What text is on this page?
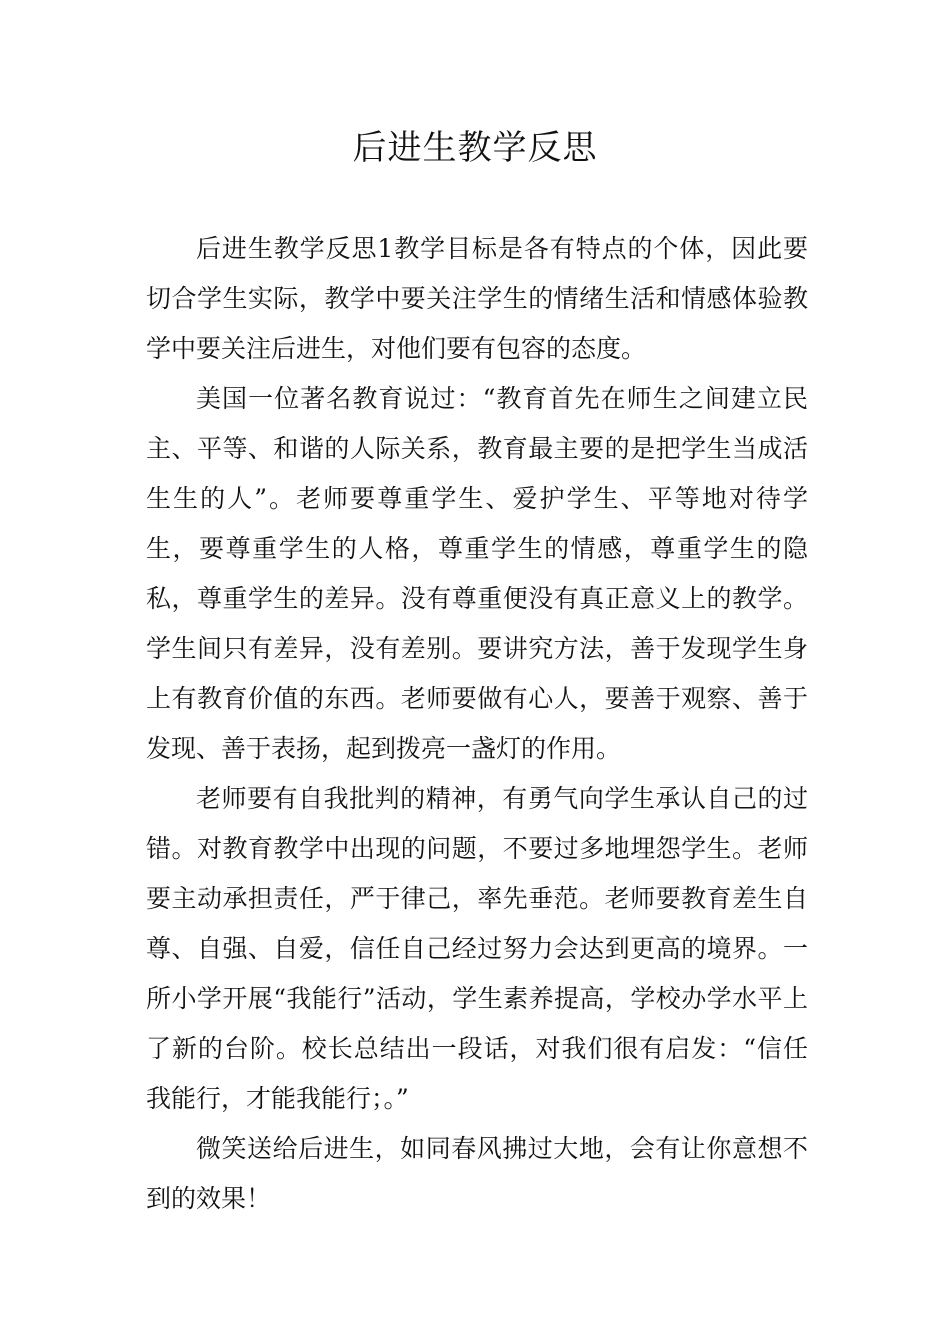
后进生教学反思

后进生教学反思1教学目标是各有特点的个体，因此要切合学生实际，教学中要关注学生的情绪生活和情感体验教学中要关注后进生，对他们要有包容的态度。

美国一位著名教育说过：“教育首先在师生之间建立民主、平等、和谐的人际关系，教育最主要的是把学生当成活生生的人”。老师要尊重学生、爱护学生、平等地对待学生，要尊重学生的人格，尊重学生的情感，尊重学生的隐私，尊重学生的差异。没有尊重便没有真正意义上的教学。学生间只有差异，没有差别。要讲究方法，善于发现学生身上有教育价值的东西。老师要做有心人，要善于观察、善于发现、善于表扬，起到拨亮一盏灯的作用。

老师要有自我批判的精神，有勇气向学生承认自己的过错。对教育教学中出现的问题，不要过多地埋怨学生。老师要主动承担责任，严于律己，率先垂范。老师要教育差生自尊、自强、自爱，信任自己经过努力会达到更高的境界。一所小学开展“我能行”活动，学生素养提高，学校办学水平上了新的台阶。校长总结出一段话，对我们很有启发：“信任我能行，才能我能行；。”

微笑送给后进生，如同春风拂过大地，会有让你意想不到的效果！
